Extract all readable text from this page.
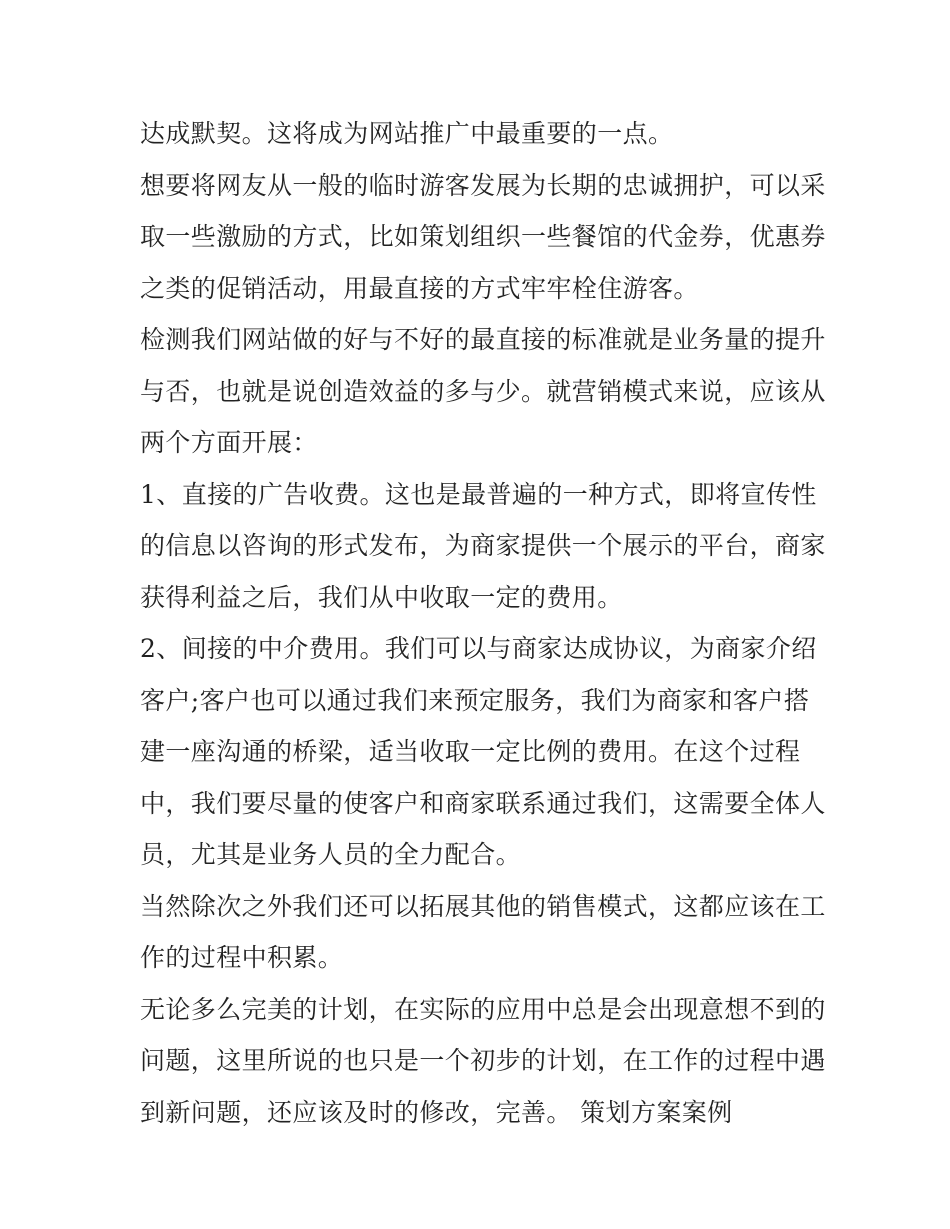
达成默契。这将成为网站推广中最重要的一点。
想要将网友从一般的临时游客发展为长期的忠诚拥护，可以采
取一些激励的方式，比如策划组织一些餐馆的代金券，优惠券
之类的促销活动，用最直接的方式牢牢栓住游客。
检测我们网站做的好与不好的最直接的标准就是业务量的提升
与否，也就是说创造效益的多与少。就营销模式来说，应该从
两个方面开展：
1、直接的广告收费。这也是最普遍的一种方式，即将宣传性
的信息以咨询的形式发布，为商家提供一个展示的平台，商家
获得利益之后，我们从中收取一定的费用。
2、间接的中介费用。我们可以与商家达成协议，为商家介绍
客户;客户也可以通过我们来预定服务，我们为商家和客户搭
建一座沟通的桥梁，适当收取一定比例的费用。在这个过程
中，我们要尽量的使客户和商家联系通过我们，这需要全体人
员，尤其是业务人员的全力配合。
当然除次之外我们还可以拓展其他的销售模式，这都应该在工
作的过程中积累。
无论多么完美的计划，在实际的应用中总是会出现意想不到的
问题，这里所说的也只是一个初步的计划，在工作的过程中遇
到新问题，还应该及时的修改，完善。 策划方案案例
